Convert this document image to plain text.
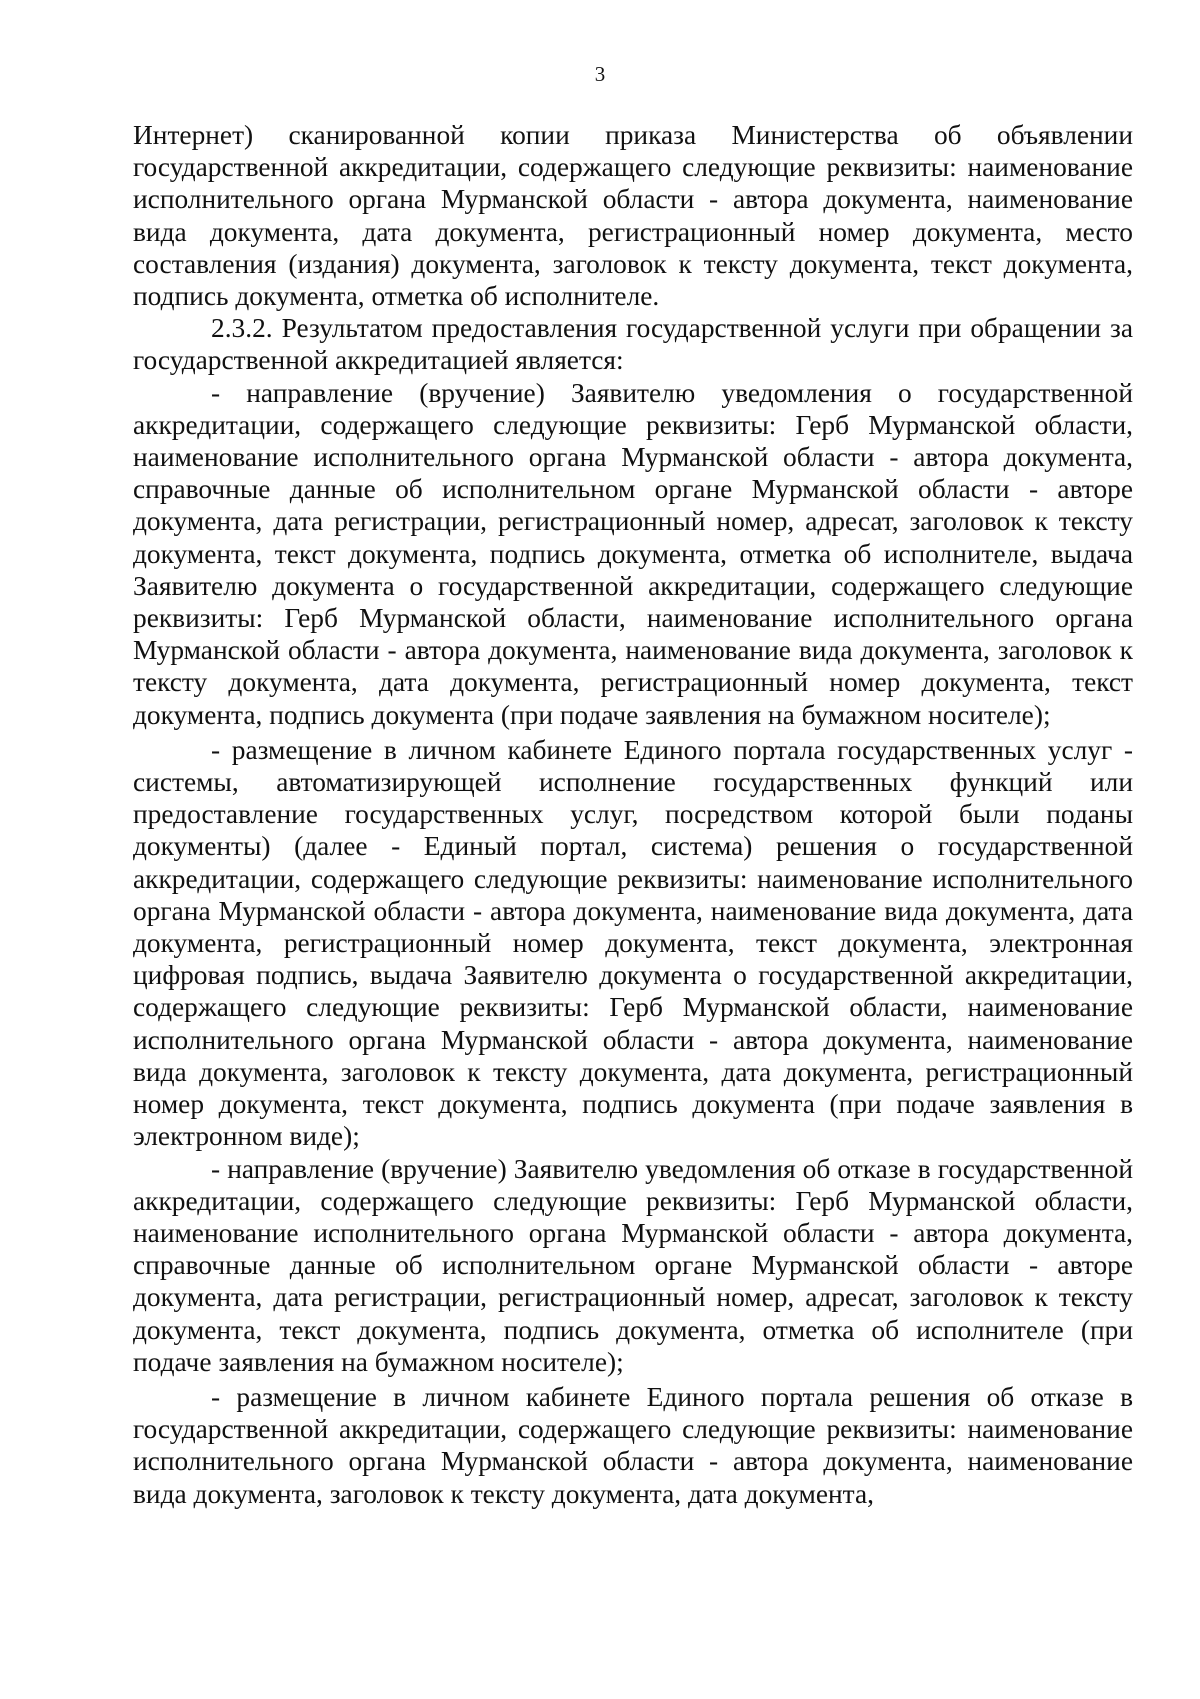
3

Интернет) сканированной копии приказа Министерства об объявлении государственной аккредитации, содержащего следующие реквизиты: наименование исполнительного органа Мурманской области - автора документа, наименование вида документа, дата документа, регистрационный номер документа, место составления (издания) документа, заголовок к тексту документа, текст документа, подпись документа, отметка об исполнителе.

2.3.2. Результатом предоставления государственной услуги при обращении за государственной аккредитацией является:

- направление (вручение) Заявителю уведомления о государственной аккредитации, содержащего следующие реквизиты: Герб Мурманской области, наименование исполнительного органа Мурманской области - автора документа, справочные данные об исполнительном органе Мурманской области - авторе документа, дата регистрации, регистрационный номер, адресат, заголовок к тексту документа, текст документа, подпись документа, отметка об исполнителе, выдача Заявителю документа о государственной аккредитации, содержащего следующие реквизиты: Герб Мурманской области, наименование исполнительного органа Мурманской области - автора документа, наименование вида документа, заголовок к тексту документа, дата документа, регистрационный номер документа, текст документа, подпись документа (при подаче заявления на бумажном носителе);

- размещение в личном кабинете Единого портала государственных услуг - системы, автоматизирующей исполнение государственных функций или предоставление государственных услуг, посредством которой были поданы документы) (далее - Единый портал, система) решения о государственной аккредитации, содержащего следующие реквизиты: наименование исполнительного органа Мурманской области - автора документа, наименование вида документа, дата документа, регистрационный номер документа, текст документа, электронная цифровая подпись, выдача Заявителю документа о государственной аккредитации, содержащего следующие реквизиты: Герб Мурманской области, наименование исполнительного органа Мурманской области - автора документа, наименование вида документа, заголовок к тексту документа, дата документа, регистрационный номер документа, текст документа, подпись документа (при подаче заявления в электронном виде);

- направление (вручение) Заявителю уведомления об отказе в государственной аккредитации, содержащего следующие реквизиты: Герб Мурманской области, наименование исполнительного органа Мурманской области - автора документа, справочные данные об исполнительном органе Мурманской области - авторе документа, дата регистрации, регистрационный номер, адресат, заголовок к тексту документа, текст документа, подпись документа, отметка об исполнителе (при подаче заявления на бумажном носителе);

- размещение в личном кабинете Единого портала решения об отказе в государственной аккредитации, содержащего следующие реквизиты: наименование исполнительного органа Мурманской области - автора документа, наименование вида документа, заголовок к тексту документа, дата документа,
